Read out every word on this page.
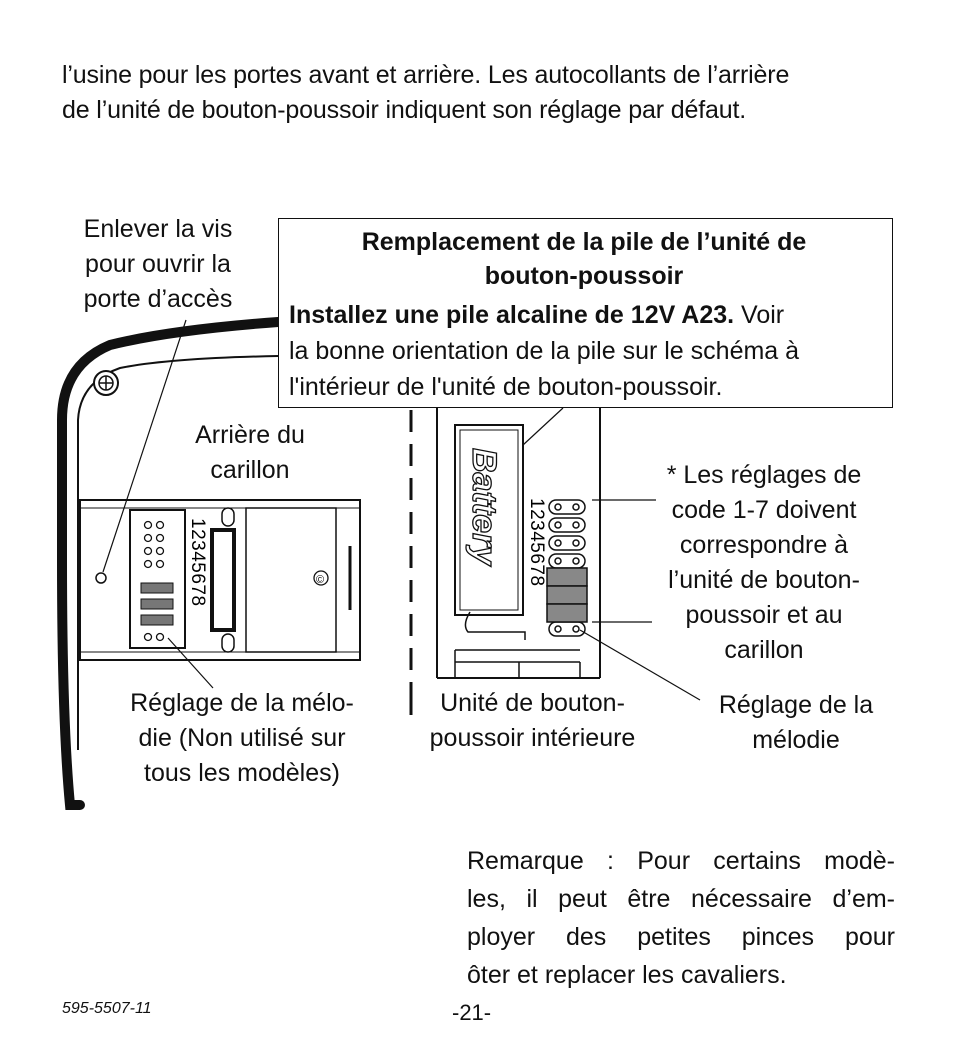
l’usine pour les portes avant et arrière. Les autocollants de l’arrière
de l’unité de bouton-poussoir indiquent son réglage par défaut.
12345678	©
Battery 12345678
Remplacement de la pile de l’unité de
bouton-poussoir
Installez une pile alcaline de 12V A23. Voir
la bonne orientation de la pile sur le schéma à
l'intérieur de l'unité de bouton-poussoir.
Enlever la vis
pour ouvrir la
porte d’accès
Arrière du
carillon
Réglage de la mélo-
die (Non utilisé sur
tous les modèles)
Unité de bouton-
poussoir intérieure
* Les réglages de
code 1-7 doivent
correspondre à
l’unité de bouton-
poussoir et au
carillon
Réglage de la
mélodie
Remarque : Pour certains modè-
les, il peut être nécessaire d’em-
ployer des petites pinces pour
ôter et replacer les cavaliers.
595-5507-11	-21-
